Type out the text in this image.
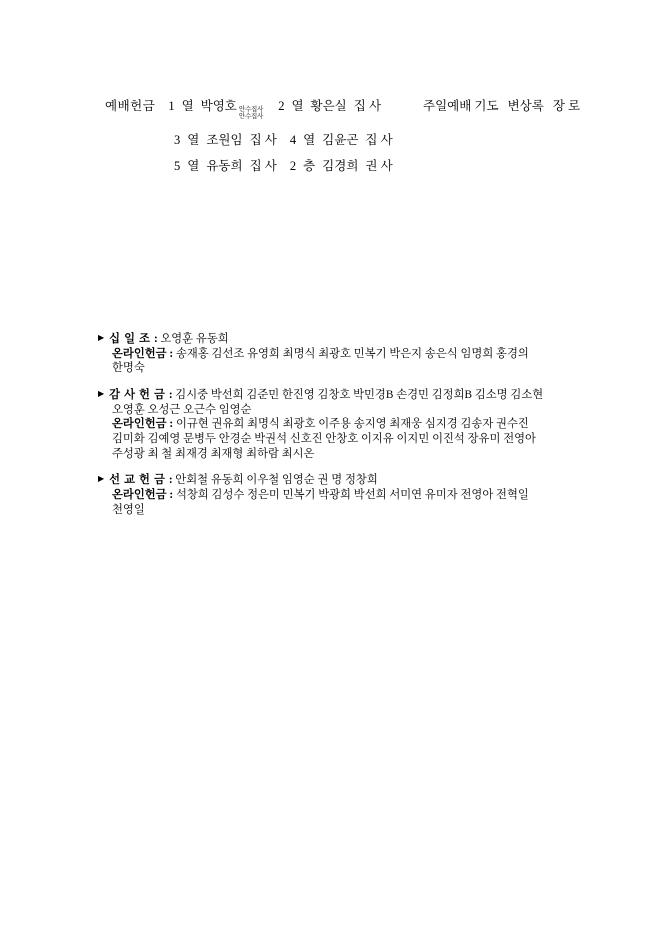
주일예배 기도 변상록 장 로
예배헌금 1 열 박영호 안수집사
안수집사
2 열 황은실 집 사
3 열 조원임 집 사 4 열 김윤곤 집 사
5 열 유동희 집 사 2 층 김경희 권 사
▶ 십 일 조 : 오영훈 유동희
온라인헌금 : 송재홍 김선조 유영희 최명식 최광호 민복기 박은지 송은식 임명희 홍경의
한명숙
▶ 감 사 헌 금 : 김시중 박선희 김준민 한진영 김창호 박민경B 손경민 김정희B 김소명 김소현
오영훈 오성근 오근수 임영순
온라인헌금 : 이규현 권유희 최명식 최광호 이주용 송지영 최재웅 심지경 김송자 권수진
김미화 김예영 문병두 안경순 박권석 신호진 안창호 이지유 이지민 이진석 장유미 전영아
주성광 최 철 최재경 최재형 최하람 최시온
▶ 선 교 헌 금 : 안회철 유동희 이우철 임영순 권 명 정창희
온라인헌금 : 석창희 김성수 정은미 민복기 박광희 박선희 서미연 유미자 전영아 전혁일
천영일
